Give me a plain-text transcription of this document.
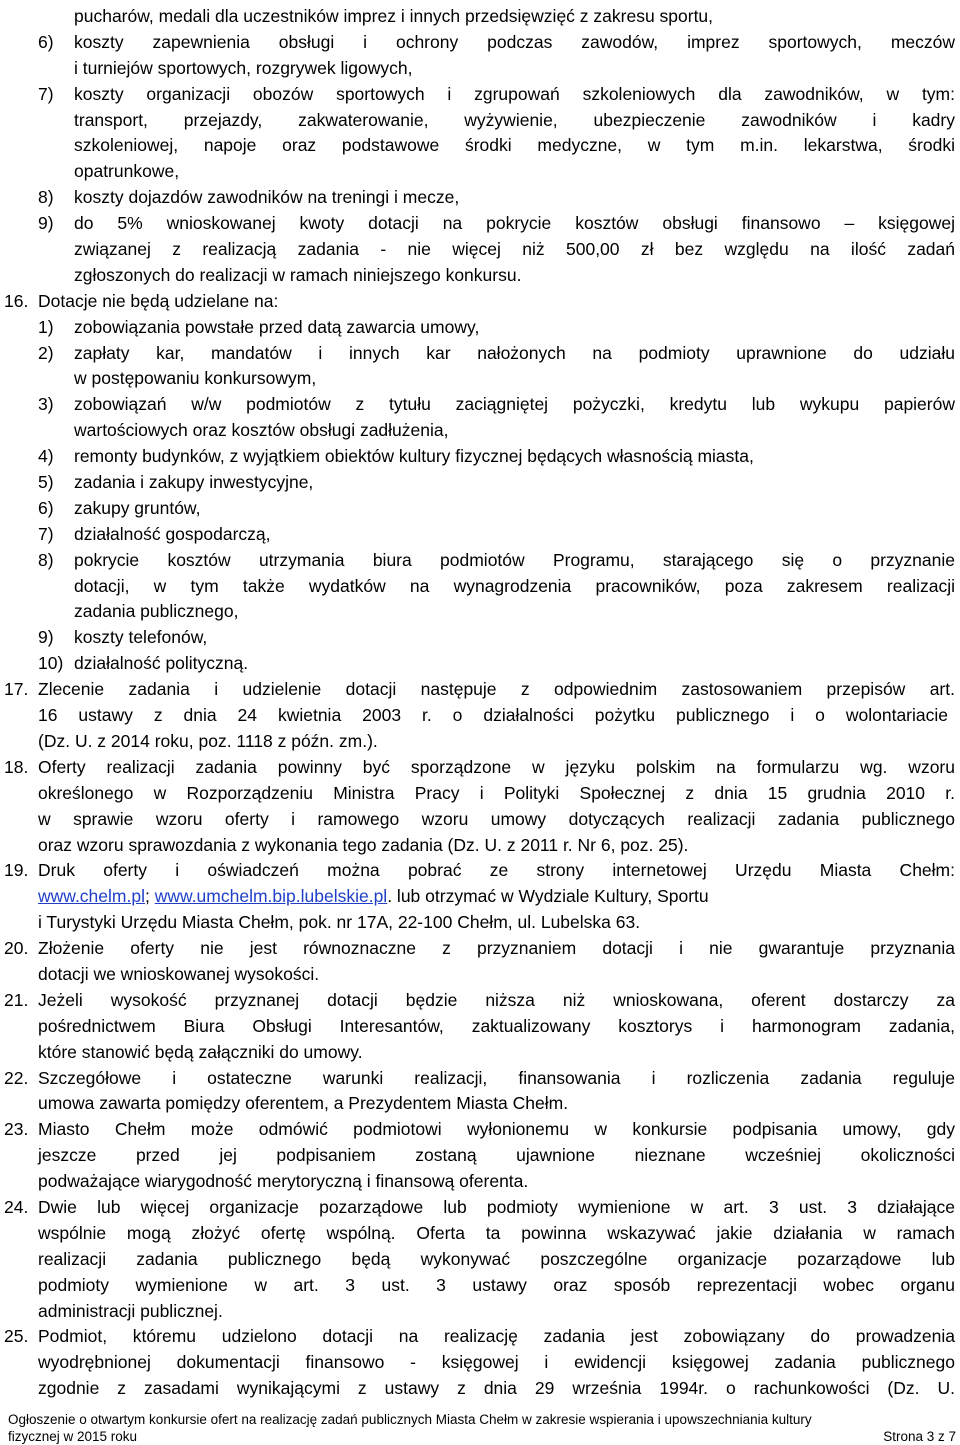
pucharów, medali dla uczestników imprez i innych przedsięwzięć z zakresu sportu,
6) koszty zapewnienia obsługi i ochrony podczas zawodów, imprez sportowych, meczów
i turniejów sportowych, rozgrywek ligowych,
7) koszty organizacji obozów sportowych i zgrupowań szkoleniowych dla zawodników, w tym:
transport, przejazdy, zakwaterowanie, wyżywienie, ubezpieczenie zawodników i kadry
szkoleniowej, napoje oraz podstawowe środki medyczne, w tym m.in. lekarstwa, środki
opatrunkowe,
8) koszty dojazdów zawodników na treningi i mecze,
9) do 5% wnioskowanej kwoty dotacji na pokrycie kosztów obsługi finansowo – księgowej
związanej z realizacją zadania - nie więcej niż 500,00 zł bez względu na ilość zadań
zgłoszonych do realizacji w ramach niniejszego konkursu.
16. Dotacje nie będą udzielane na:
1) zobowiązania powstałe przed datą zawarcia umowy,
2) zapłaty kar, mandatów i innych kar nałożonych na podmioty uprawnione do udziału
w postępowaniu konkursowym,
3) zobowiązań w/w podmiotów z tytułu zaciągniętej pożyczki, kredytu lub wykupu papierów
wartościowych oraz kosztów obsługi zadłużenia,
4) remonty budynków, z wyjątkiem obiektów kultury fizycznej będących własnością miasta,
5) zadania i zakupy inwestycyjne,
6) zakupy gruntów,
7) działalność gospodarczą,
8) pokrycie kosztów utrzymania biura podmiotów Programu, starającego się o przyznanie
dotacji, w tym także wydatków na wynagrodzenia pracowników, poza zakresem realizacji
zadania publicznego,
9) koszty telefonów,
10) działalność polityczną.
17. Zlecenie zadania i udzielenie dotacji następuje z odpowiednim zastosowaniem przepisów art.
16 ustawy z dnia 24 kwietnia 2003 r. o działalności pożytku publicznego i o wolontariacie
(Dz. U. z 2014 roku, poz. 1118 z późn. zm.).
18. Oferty realizacji zadania powinny być sporządzone w języku polskim na formularzu wg. wzoru
określonego w Rozporządzeniu Ministra Pracy i Polityki Społecznej z dnia 15 grudnia 2010 r.
w sprawie wzoru oferty i ramowego wzoru umowy dotyczących realizacji zadania publicznego
oraz wzoru sprawozdania z wykonania tego zadania (Dz. U. z 2011 r. Nr 6, poz. 25).
19. Druk oferty i oświadczeń można pobrać ze strony internetowej Urzędu Miasta Chełm:
www.chelm.pl; www.umchelm.bip.lubelskie.pl. lub otrzymać w Wydziale Kultury, Sportu
i Turystyki Urzędu Miasta Chełm, pok. nr 17A, 22-100 Chełm, ul. Lubelska 63.
20. Złożenie oferty nie jest równoznaczne z przyznaniem dotacji i nie gwarantuje przyznania
dotacji we wnioskowanej wysokości.
21. Jeżeli wysokość przyznanej dotacji będzie niższa niż wnioskowana, oferent dostarczy za
pośrednictwem Biura Obsługi Interesantów, zaktualizowany kosztorys i harmonogram zadania,
które stanowić będą załączniki do umowy.
22. Szczegółowe i ostateczne warunki realizacji, finansowania i rozliczenia zadania reguluje
umowa zawarta pomiędzy oferentem, a Prezydentem Miasta Chełm.
23. Miasto Chełm może odmówić podmiotowi wyłonionemu w konkursie podpisania umowy, gdy
jeszcze przed jej podpisaniem zostaną ujawnione nieznane wcześniej okoliczności
podważające wiarygodność merytoryczną i finansową oferenta.
24. Dwie lub więcej organizacje pozarządowe lub podmioty wymienione w art. 3 ust. 3 działające
wspólnie mogą złożyć ofertę wspólną. Oferta ta powinna wskazywać jakie działania w ramach
realizacji zadania publicznego będą wykonywać poszczególne organizacje pozarządowe lub
podmioty wymienione w art. 3 ust. 3 ustawy oraz sposób reprezentacji wobec organu
administracji publicznej.
25. Podmiot, któremu udzielono dotacji na realizację zadania jest zobowiązany do prowadzenia
wyodrębnionej dokumentacji finansowo - księgowej i ewidencji księgowej zadania publicznego
zgodnie z zasadami wynikającymi z ustawy z dnia 29 września 1994r. o rachunkowości (Dz. U.
Ogłoszenie o otwartym konkursie ofert na realizację zadań publicznych Miasta Chełm w zakresie wspierania i upowszechniania kultury
fizycznej w 2015 roku	Strona 3 z 7
